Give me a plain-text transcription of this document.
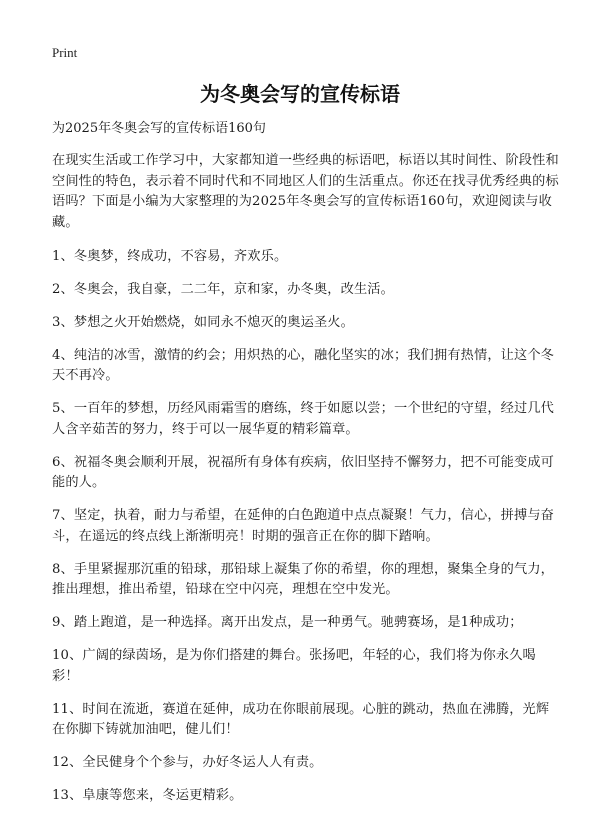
Print
为冬奥会写的宣传标语
为2025年冬奥会写的宣传标语160句

在现实生活或工作学习中，大家都知道一些经典的标语吧，标语以其时间性、阶段性和空间性的特色，表示着不同时代和不同地区人们的生活重点。你还在找寻优秀经典的标语吗？下面是小编为大家整理的为2025年冬奥会写的宣传标语160句，欢迎阅读与收藏。

1、冬奥梦，终成功，不容易，齐欢乐。

2、冬奥会，我自豪，二二年，京和家，办冬奥，改生活。

3、梦想之火开始燃烧，如同永不熄灭的奥运圣火。

4、纯洁的冰雪，激情的约会；用炽热的心，融化坚实的冰；我们拥有热情，让这个冬天不再冷。

5、一百年的梦想，历经风雨霜雪的磨练，终于如愿以尝；一个世纪的守望，经过几代人含辛茹苦的努力，终于可以一展华夏的精彩篇章。

6、祝福冬奥会顺利开展，祝福所有身体有疾病，依旧坚持不懈努力，把不可能变成可能的人。

7、坚定，执着，耐力与希望，在延伸的白色跑道中点点凝聚！气力，信心，拼搏与奋斗，在遥远的终点线上渐渐明亮！时期的强音正在你的脚下踏响。

8、手里紧握那沉重的铅球，那铅球上凝集了你的希望，你的理想，聚集全身的气力，推出理想，推出希望，铅球在空中闪亮，理想在空中发光。

9、踏上跑道，是一种选择。离开出发点，是一种勇气。驰骋赛场，是1种成功；

10、广阔的绿茵场，是为你们搭建的舞台。张扬吧，年轻的心，我们将为你永久喝彩！

11、时间在流逝，赛道在延伸，成功在你眼前展现。心脏的跳动，热血在沸腾，光辉在你脚下铸就加油吧，健儿们！

12、全民健身个个参与，办好冬运人人有责。

13、阜康等您来，冬运更精彩。
